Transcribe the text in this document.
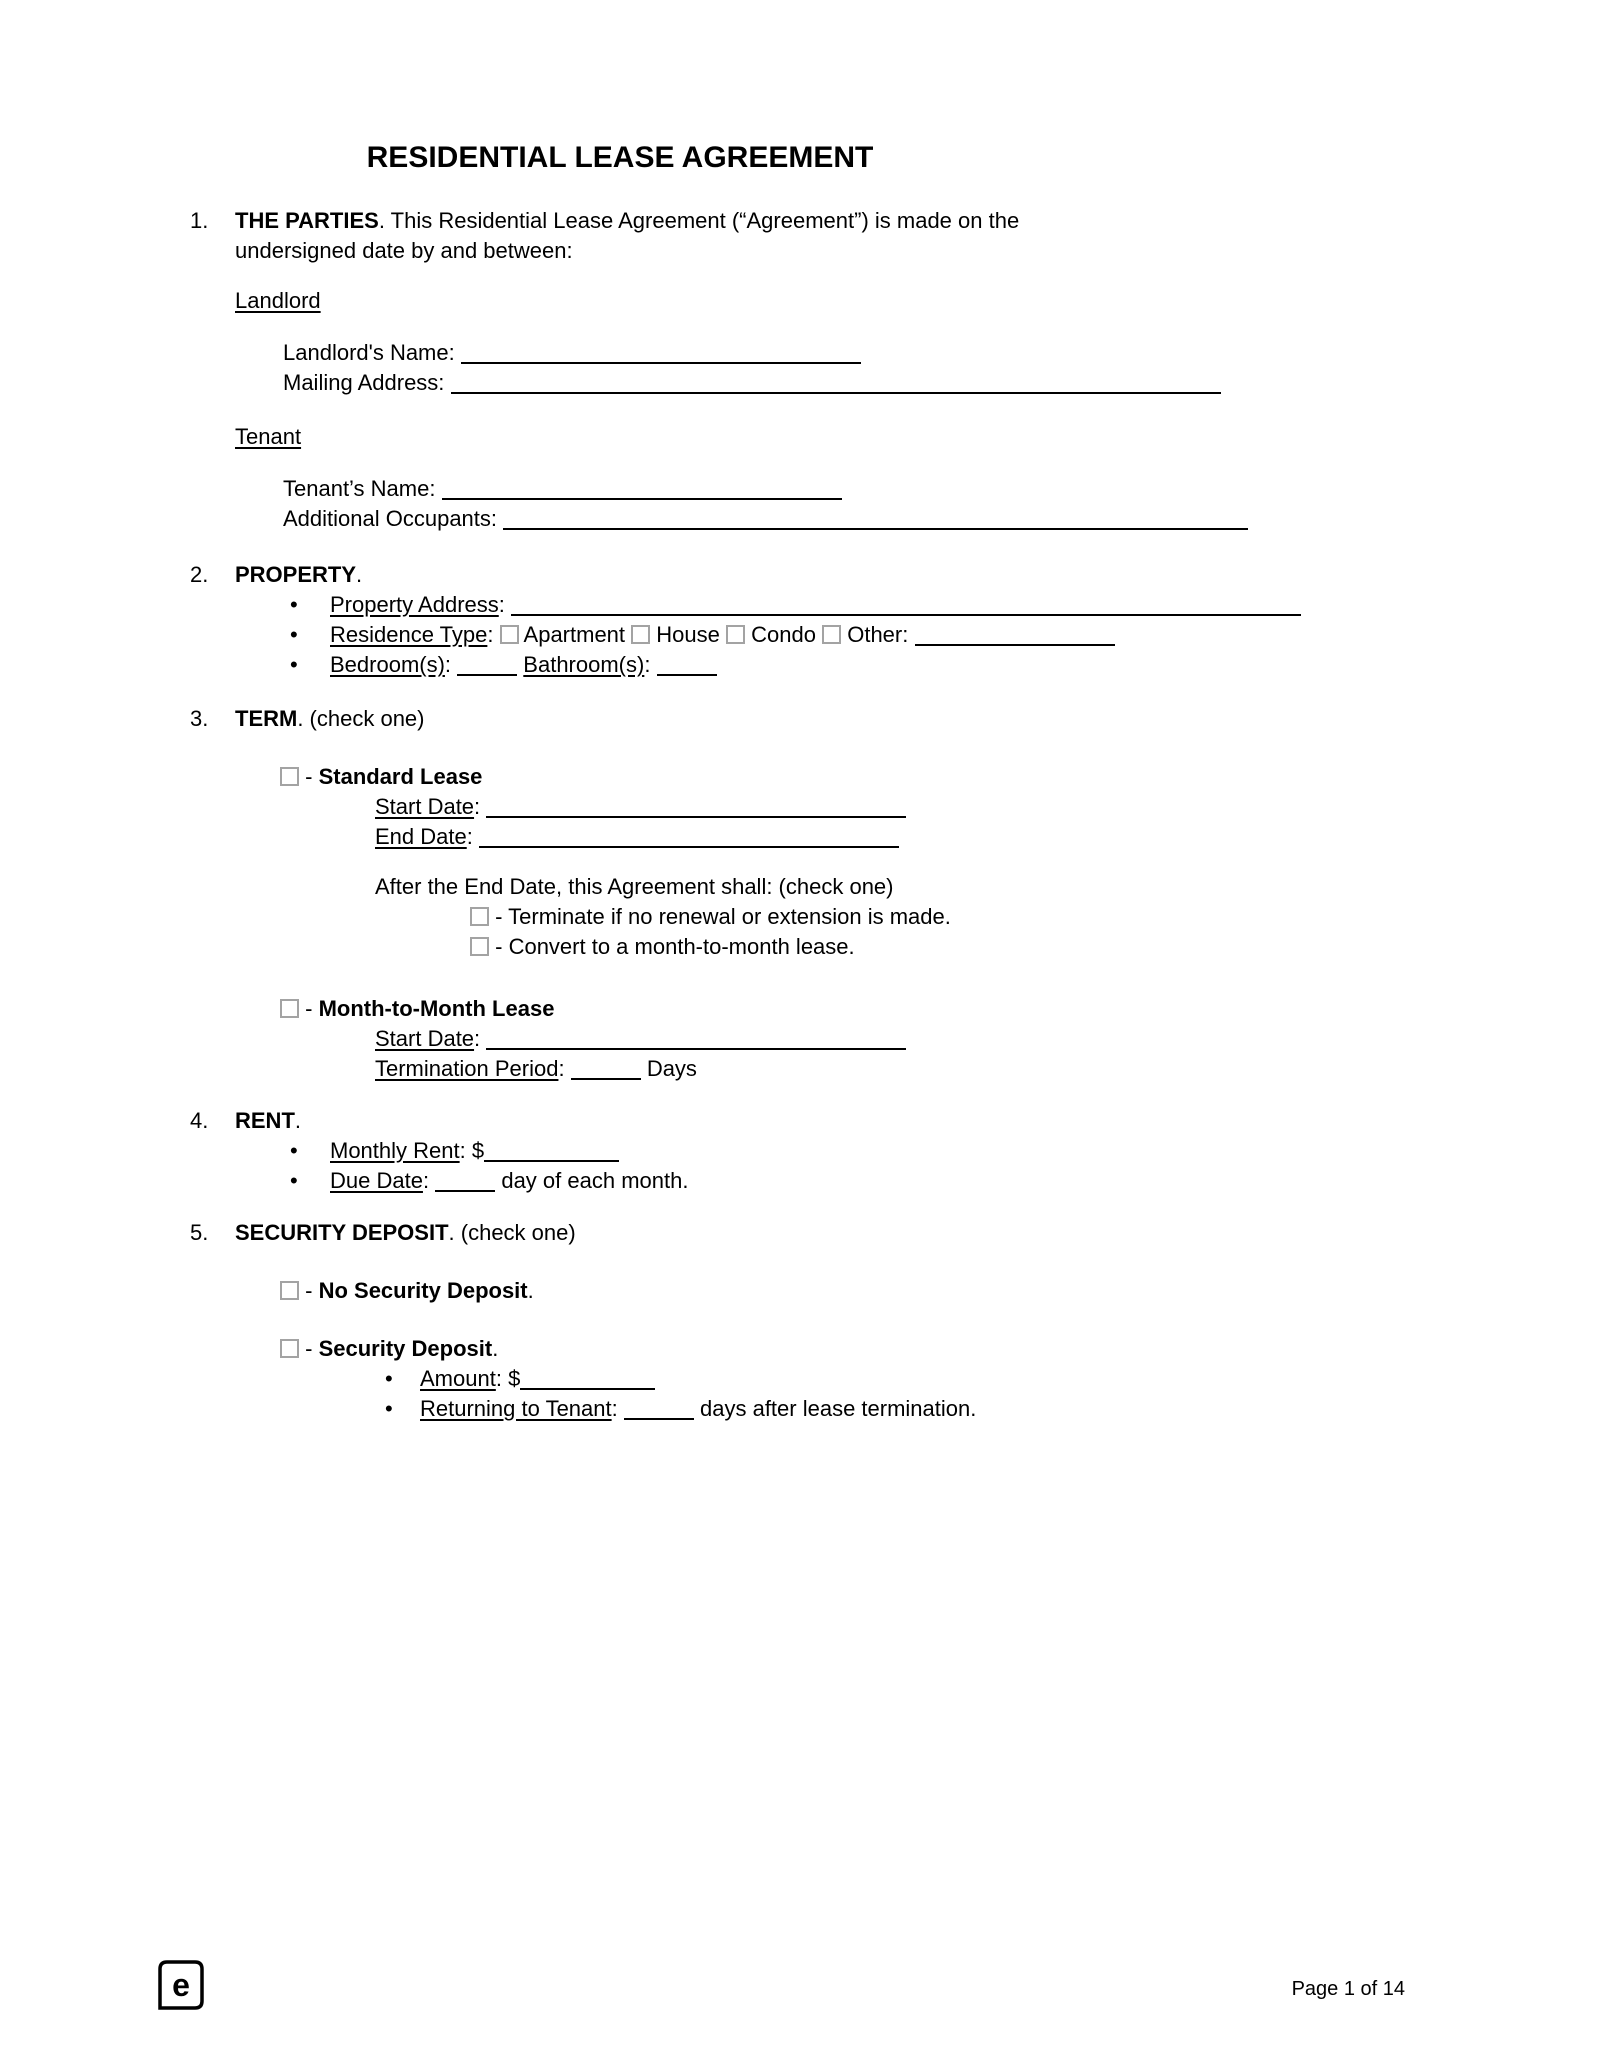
RESIDENTIAL LEASE AGREEMENT
1.	THE PARTIES. This Residential Lease Agreement (“Agreement”) is made on the
undersigned date by and between:
Landlord
Landlord's Name:
Mailing Address:
Tenant
Tenant’s Name:
Additional Occupants:
2.	PROPERTY.
• Property Address:
• Residence Type: Apartment House Condo Other:
• Bedroom(s):	Bathroom(s):
3.	TERM. (check one)
- Standard Lease
Start Date:
End Date:
After the End Date, this Agreement shall: (check one)
- Terminate if no renewal or extension is made.
- Convert to a month-to-month lease.
- Month-to-Month Lease
Start Date:
Termination Period:	Days
4.	RENT.
• Monthly Rent: $
• Due Date:	day of each month.
5.	SECURITY DEPOSIT. (check one)
- No Security Deposit.
- Security Deposit.
• Amount: $
• Returning to Tenant:	days after lease termination.
e	Page 1 of 14
